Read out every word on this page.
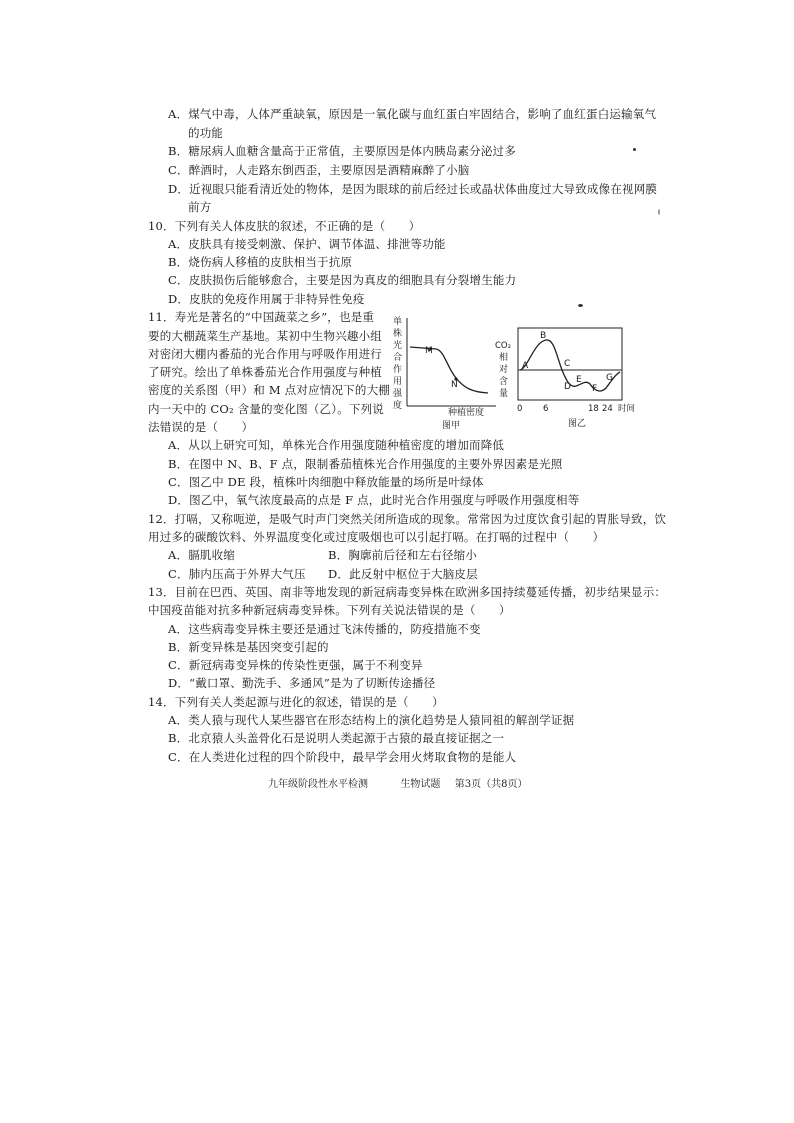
A．煤气中毒，人体严重缺氧，原因是一氧化碳与血红蛋白牢固结合，影响了血红蛋白运输氧气
的功能
B．糖尿病人血糖含量高于正常值，主要原因是体内胰岛素分泌过多
C．醉酒时，人走路东倒西歪，主要原因是酒精麻醉了小脑
D．近视眼只能看清近处的物体，是因为眼球的前后经过长或晶状体曲度过大导致成像在视网膜
前方
10．下列有关人体皮肤的叙述，不正确的是（　　）
A．皮肤具有接受刺激、保护、调节体温、排泄等功能
B．烧伤病人移植的皮肤相当于抗原
C．皮肤损伤后能够愈合，主要是因为真皮的细胞具有分裂增生能力
D．皮肤的免疫作用属于非特异性免疫
11．寿光是著名的“中国蔬菜之乡”，也是重
要的大棚蔬菜生产基地。某初中生物兴趣小组
对密闭大棚内番茄的光合作用与呼吸作用进行
了研究。绘出了单株番茄光合作用强度与种植
密度的关系图（甲）和 M 点对应情况下的大棚
内一天中的 CO₂ 含量的变化图（乙）。下列说
法错误的是（　　）
单
株
光
合
作
用
强
度
M
N
种植密度
图甲
CO₂
相
对
含
量
A
B
C
D
E
F
G
0 6	18 24 时间
图乙
A．从以上研究可知，单株光合作用强度随种植密度的增加而降低
B．在图中 N、B、F 点，限制番茄植株光合作用强度的主要外界因素是光照
C．图乙中 DE 段，植株叶肉细胞中释放能量的场所是叶绿体
D．图乙中，氧气浓度最高的点是 F 点，此时光合作用强度与呼吸作用强度相等
12．打嗝，又称呃逆，是吸气时声门突然关闭所造成的现象。常常因为过度饮食引起的胃胀导致，饮
用过多的碳酸饮料、外界温度变化或过度吸烟也可以引起打嗝。在打嗝的过程中（　　）
A．膈肌收缩	B．胸廓前后径和左右径缩小
C．肺内压高于外界大气压 D．此反射中枢位于大脑皮层
13．目前在巴西、英国、南非等地发现的新冠病毒变异株在欧洲多国持续蔓延传播，初步结果显示：
中国疫苗能对抗多种新冠病毒变异株。下列有关说法错误的是（　　）
A．这些病毒变异株主要还是通过飞沫传播的，防疫措施不变
B．新变异株是基因突变引起的
C．新冠病毒变异株的传染性更强，属于不利变异
D．“戴口罩、勤洗手、多通风”是为了切断传途播径
14．下列有关人类起源与进化的叙述，错误的是（　　）
A．类人猿与现代人某些器官在形态结构上的演化趋势是人猿同祖的解剖学证据
B．北京猿人头盖骨化石是说明人类起源于古猿的最直接证据之一
C．在人类进化过程的四个阶段中，最早学会用火烤取食物的是能人
九年级阶段性水平检测	生物试题 第3页（共8页）
